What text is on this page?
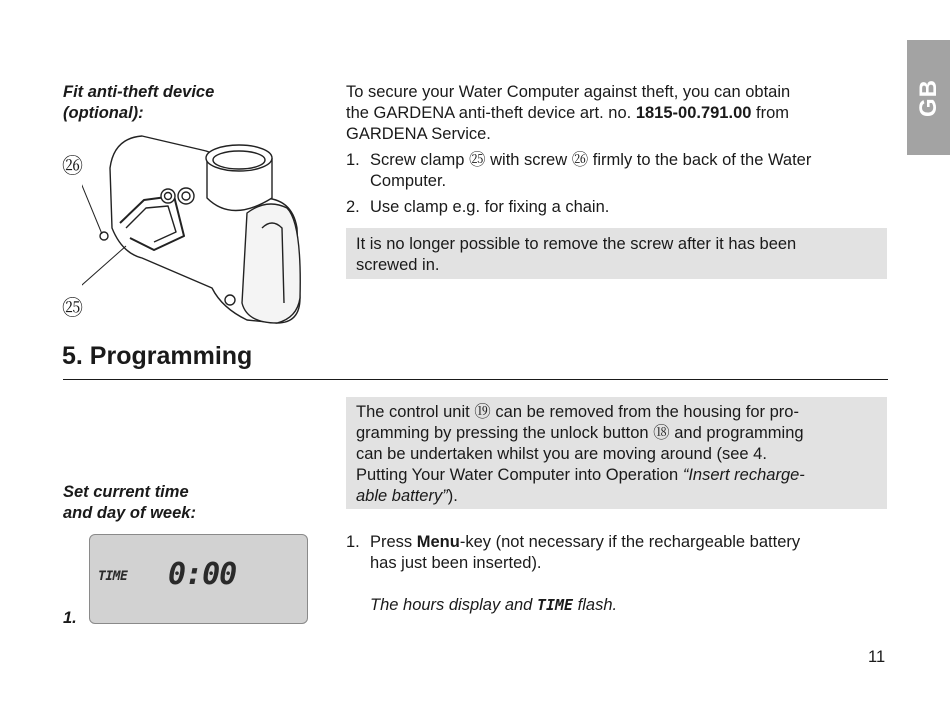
GB
Fit anti-theft device
(optional):
㉖
㉕
To secure your Water Computer against theft, you can obtain
the GARDENA anti-theft device art. no. 1815-00.791.00 from
GARDENA Service.
1. Screw clamp ㉕ with screw ㉖ firmly to the back of the Water
Computer.
2. Use clamp e.g. for fixing a chain.

It is no longer possible to remove the screw after it has been

screwed in.

5. Programming

The control unit ⑲ can be removed from the housing for pro-

gramming by pressing the unlock button ⑱ and programming

can be undertaken whilst you are moving around (see 4.

Putting Your Water Computer into Operation “Insert recharge-

able battery”).

Set current time
and day of week:
TIME 0:00
1.
1. Press Menu-key (not necessary if the rechargeable battery
has just been inserted).
The hours display and TIME flash.
11
